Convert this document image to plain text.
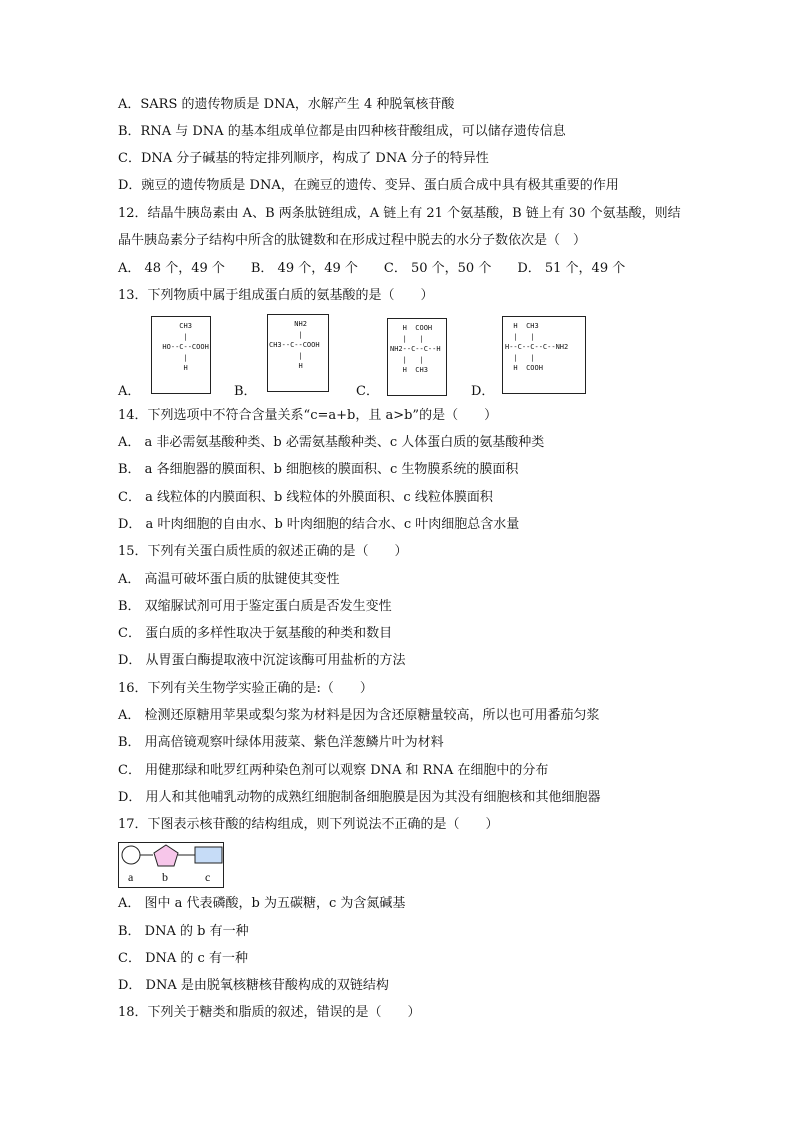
A．SARS 的遗传物质是 DNA，水解产生 4 种脱氧核苷酸
B．RNA 与 DNA 的基本组成单位都是由四种核苷酸组成，可以储存遗传信息
C．DNA 分子碱基的特定排列顺序，构成了 DNA 分子的特异性
D．豌豆的遗传物质是 DNA，在豌豆的遗传、变异、蛋白质合成中具有极其重要的作用
12．结晶牛胰岛素由 A、B 两条肽链组成，A 链上有 21 个氨基酸，B 链上有 30 个氨基酸，则结
晶牛胰岛素分子结构中所含的肽键数和在形成过程中脱去的水分子数依次是（　）
A． 48 个，49 个　　B． 49 个，49 个　　C． 50 个，50 个　　D． 51 个，49 个
13．下列物质中属于组成蛋白质的氨基酸的是（　　）
A．
CH3
|
HO--C--COOH
|
H
B．
NH2
|
CH3--C--COOH
|
H
C．
H  COOH
|   |
NH2--C--C--H
|   |
H  CH3
D．
H  CH3
|   |
H--C--C--C--NH2
|   |
H  COOH
14．下列选项中不符合含量关系“c=a+b，且 a>b”的是（　　）
A． a 非必需氨基酸种类、b 必需氨基酸种类、c 人体蛋白质的氨基酸种类
B． a 各细胞器的膜面积、b 细胞核的膜面积、c 生物膜系统的膜面积
C． a 线粒体的内膜面积、b 线粒体的外膜面积、c 线粒体膜面积
D． a 叶肉细胞的自由水、b 叶肉细胞的结合水、c 叶肉细胞总含水量
15．下列有关蛋白质性质的叙述正确的是（　　）
A． 高温可破坏蛋白质的肽键使其变性
B． 双缩脲试剂可用于鉴定蛋白质是否发生变性
C． 蛋白质的多样性取决于氨基酸的种类和数目
D． 从胃蛋白酶提取液中沉淀该酶可用盐析的方法
16．下列有关生物学实验正确的是:（　　）
A． 检测还原糖用苹果或梨匀浆为材料是因为含还原糖量较高，所以也可用番茄匀浆
B． 用高倍镜观察叶绿体用菠菜、紫色洋葱鳞片叶为材料
C． 用健那绿和吡罗红两种染色剂可以观察 DNA 和 RNA 在细胞中的分布
D． 用人和其他哺乳动物的成熟红细胞制备细胞膜是因为其没有细胞核和其他细胞器
17．下图表示核苷酸的结构组成，则下列说法不正确的是（　　）
a b	c
A． 图中 a 代表磷酸，b 为五碳糖，c 为含氮碱基
B． DNA 的 b 有一种
C． DNA 的 c 有一种
D． DNA 是由脱氧核糖核苷酸构成的双链结构
18．下列关于糖类和脂质的叙述，错误的是（　　）
